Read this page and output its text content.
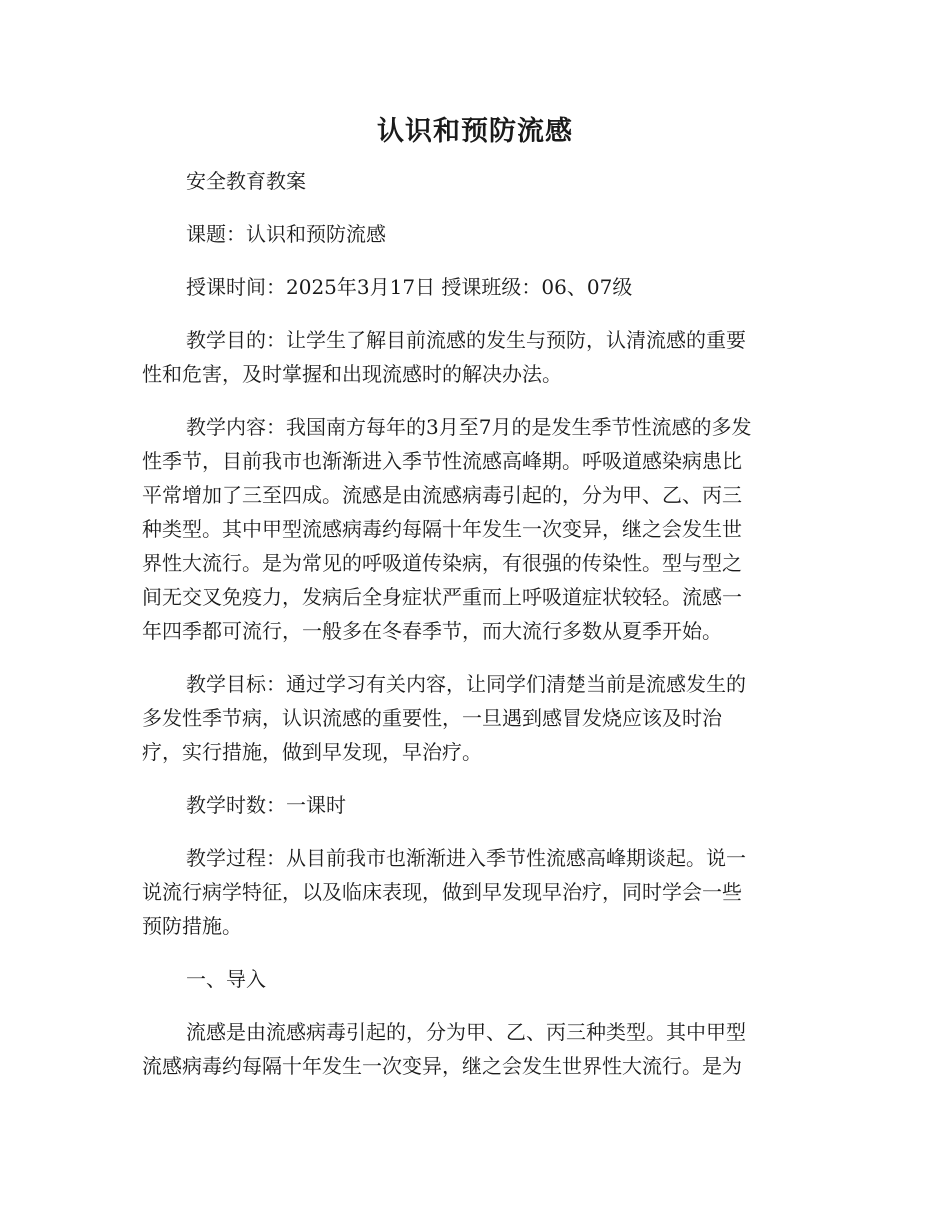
认识和预防流感

安全教育教案

课题：认识和预防流感

授课时间：2025年3月17日 授课班级：06、07级

教学目的：让学生了解目前流感的发生与预防，认清流感的重要
性和危害，及时掌握和出现流感时的解决办法。

教学内容：我国南方每年的3月至7月的是发生季节性流感的多发
性季节，目前我市也渐渐进入季节性流感高峰期。呼吸道感染病患比
平常增加了三至四成。流感是由流感病毒引起的，分为甲、乙、丙三
种类型。其中甲型流感病毒约每隔十年发生一次变异，继之会发生世
界性大流行。是为常见的呼吸道传染病，有很强的传染性。型与型之
间无交叉免疫力，发病后全身症状严重而上呼吸道症状较轻。流感一
年四季都可流行，一般多在冬春季节，而大流行多数从夏季开始。

教学目标：通过学习有关内容，让同学们清楚当前是流感发生的
多发性季节病，认识流感的重要性，一旦遇到感冒发烧应该及时治
疗，实行措施，做到早发现，早治疗。

教学时数：一课时

教学过程：从目前我市也渐渐进入季节性流感高峰期谈起。说一
说流行病学特征，以及临床表现，做到早发现早治疗，同时学会一些
预防措施。

一、导入

流感是由流感病毒引起的，分为甲、乙、丙三种类型。其中甲型
流感病毒约每隔十年发生一次变异，继之会发生世界性大流行。是为
